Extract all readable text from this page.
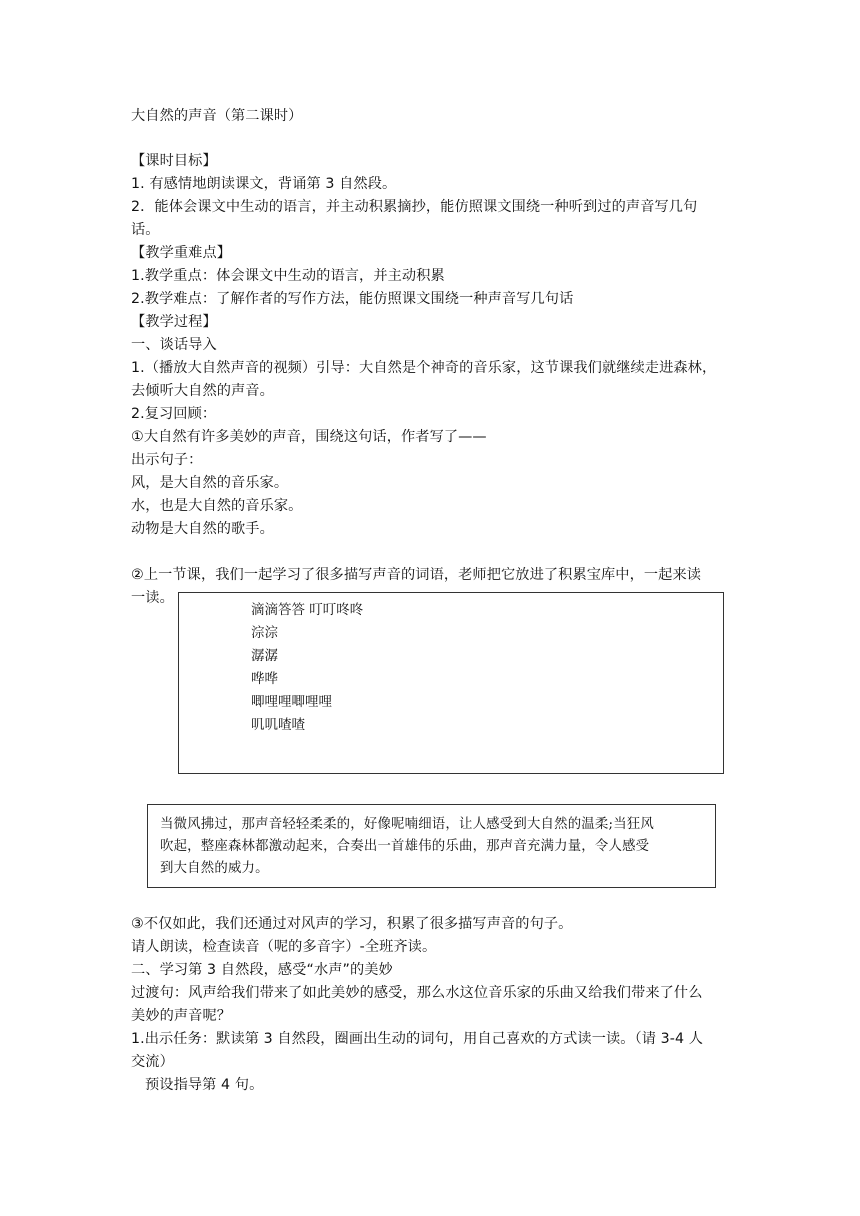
大自然的声音（第二课时）
【课时目标】
1. 有感情地朗读课文，背诵第 3 自然段。
2．能体会课文中生动的语言，并主动积累摘抄，能仿照课文围绕一种听到过的声音写几句
话。
【教学重难点】
1.教学重点：体会课文中生动的语言，并主动积累
2.教学难点：了解作者的写作方法，能仿照课文围绕一种声音写几句话
【教学过程】
一、谈话导入
1.（播放大自然声音的视频）引导：大自然是个神奇的音乐家，这节课我们就继续走进森林，
去倾听大自然的声音。
2.复习回顾：
①大自然有许多美妙的声音，围绕这句话，作者写了——
出示句子：
风，是大自然的音乐家。
水，也是大自然的音乐家。
动物是大自然的歌手。
②上一节课，我们一起学习了很多描写声音的词语，老师把它放进了积累宝库中，一起来读
一读。
滴滴答答 叮叮咚咚
淙淙
潺潺
哗哗
唧哩哩唧哩哩
叽叽喳喳
当微风拂过，那声音轻轻柔柔的，好像呢喃细语，让人感受到大自然的温柔;当狂风
吹起，整座森林都激动起来，合奏出一首雄伟的乐曲，那声音充满力量，令人感受
到大自然的威力。
③不仅如此，我们还通过对风声的学习，积累了很多描写声音的句子。
请人朗读，检查读音（呢的多音字）-全班齐读。
二、学习第 3 自然段，感受“水声”的美妙
过渡句：风声给我们带来了如此美妙的感受，那么水这位音乐家的乐曲又给我们带来了什么
美妙的声音呢？
1.出示任务：默读第 3 自然段，圈画出生动的词句，用自己喜欢的方式读一读。（请 3-4 人
交流）
预设指导第 4 句。
